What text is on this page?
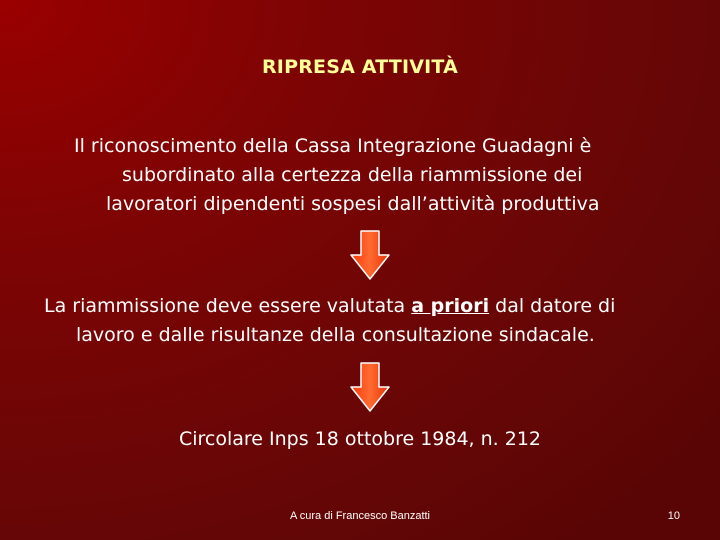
RIPRESA ATTIVITÀ
Il riconoscimento della Cassa Integrazione Guadagni è
subordinato alla certezza della riammissione dei
lavoratori dipendenti sospesi dall’attività produttiva
La riammissione deve essere valutata a priori dal datore di
lavoro e dalle risultanze della consultazione sindacale.
Circolare Inps 18 ottobre 1984, n. 212
A cura di Francesco Banzatti	10
